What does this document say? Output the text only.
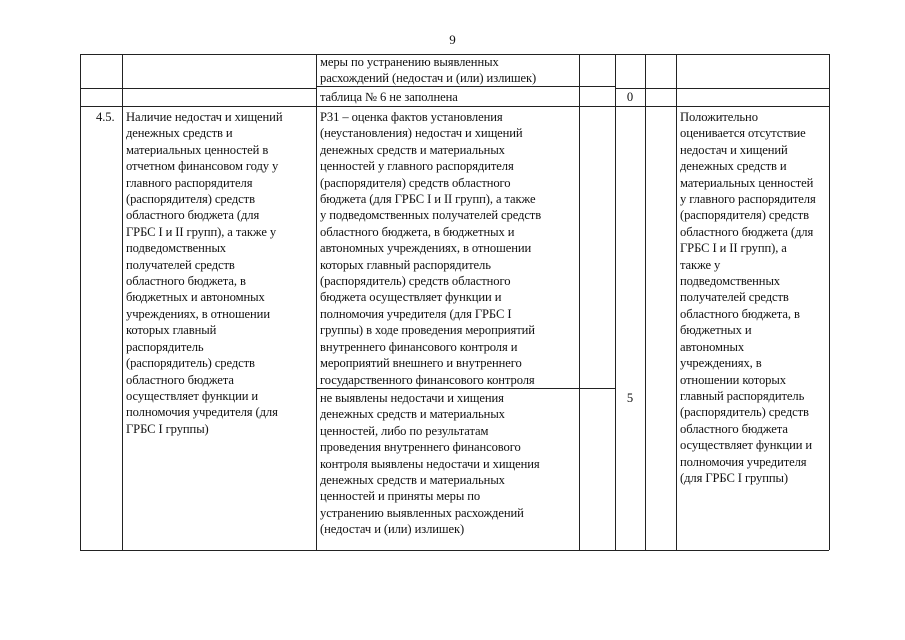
9
меры по устранению выявленных
расхождений (недостач и (или) излишек)
таблица № 6 не заполнена	0
4.5. Наличие недостач и хищений
денежных средств и
материальных ценностей в
отчетном финансовом году у
главного распорядителя
(распорядителя) средств
областного бюджета (для
ГРБС I и II групп), а также у
подведомственных
получателей средств
областного бюджета, в
бюджетных и автономных
учреждениях, в отношении
которых главный
распорядитель
(распорядитель) средств
областного бюджета
осуществляет функции и
полномочия учредителя (для
ГРБС I группы)
Р31 – оценка фактов установления
(неустановления) недостач и хищений
денежных средств и материальных
ценностей у главного распорядителя
(распорядителя) средств областного
бюджета (для ГРБС I и II групп), а также
у подведомственных получателей средств
областного бюджета, в бюджетных и
автономных учреждениях, в отношении
которых главный распорядитель
(распорядитель) средств областного
бюджета осуществляет функции и
полномочия учредителя (для ГРБС I
группы) в ходе проведения мероприятий
внутреннего финансового контроля и
мероприятий внешнего и внутреннего
государственного финансового контроля
Положительно
оценивается отсутствие
недостач и хищений
денежных средств и
материальных ценностей
у главного распорядителя
(распорядителя) средств
областного бюджета (для
ГРБС I и II групп), а
также у
подведомственных
получателей средств
областного бюджета, в
бюджетных и
автономных
учреждениях, в
отношении которых
главный распорядитель
(распорядитель) средств
областного бюджета
осуществляет функции и
полномочия учредителя
(для ГРБС I группы)
не выявлены недостачи и хищения
денежных средств и материальных
ценностей, либо по результатам
проведения внутреннего финансового
контроля выявлены недостачи и хищения
денежных средств и материальных
ценностей и приняты меры по
устранению выявленных расхождений
(недостач и (или) излишек)
5
